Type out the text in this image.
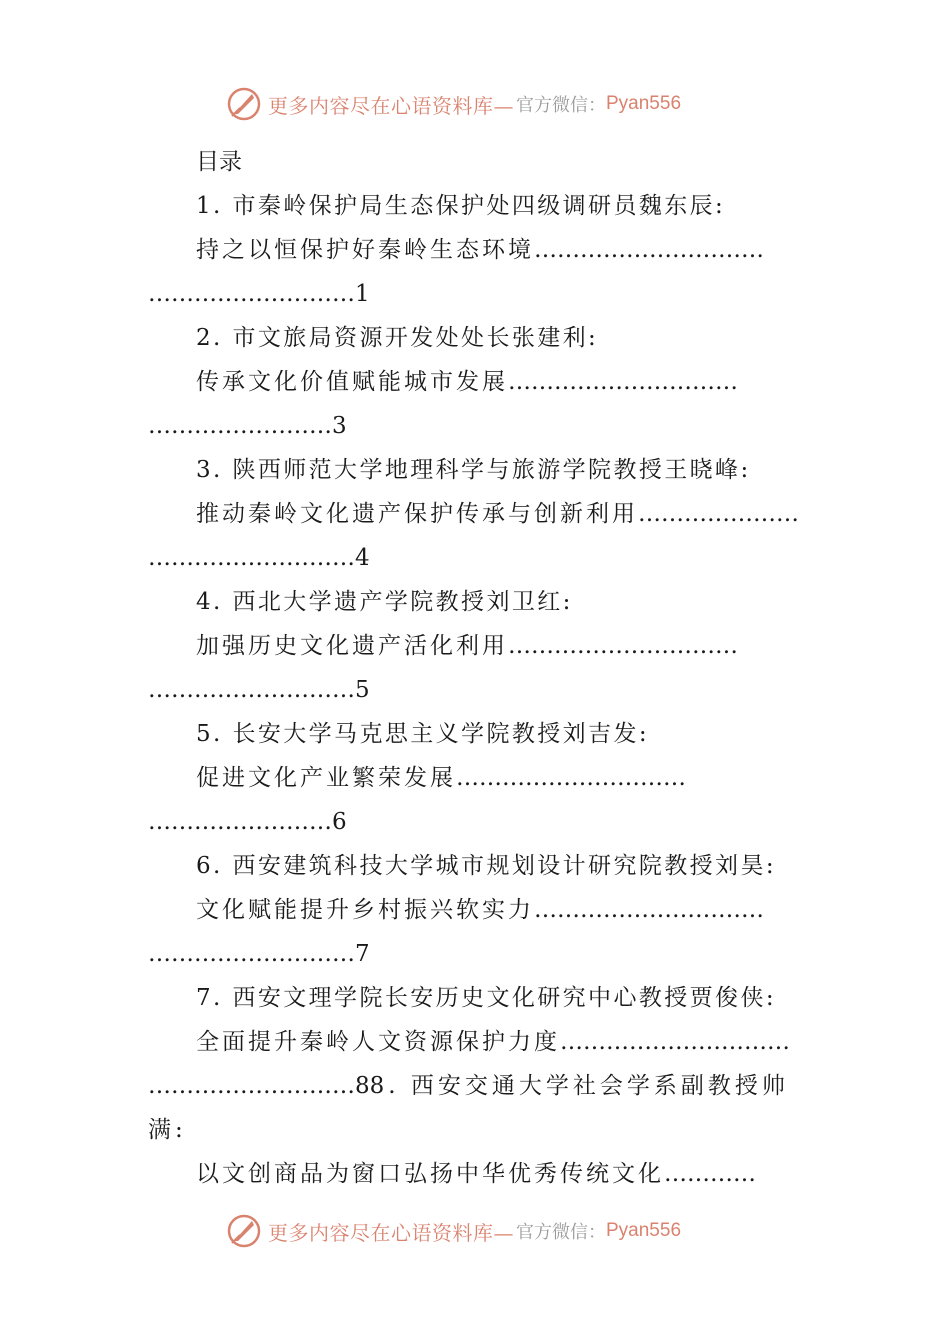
更多内容尽在心语资料库— 官方微信： Pyan556
目录
1. 市秦岭保护局生态保护处四级调研员魏东辰:
持之以恒保护好秦岭生态环境…………………………
………………………1
2. 市文旅局资源开发处处长张建利:
传承文化价值赋能城市发展…………………………
……………………3
3. 陕西师范大学地理科学与旅游学院教授王晓峰:
推动秦岭文化遗产保护传承与创新利用…………………
………………………4
4. 西北大学遗产学院教授刘卫红:
加强历史文化遗产活化利用…………………………
………………………5
5. 长安大学马克思主义学院教授刘吉发:
促进文化产业繁荣发展…………………………
……………………6
6. 西安建筑科技大学城市规划设计研究院教授刘昊:
文化赋能提升乡村振兴软实力…………………………
………………………7
7. 西安文理学院长安历史文化研究中心教授贾俊侠:
全面提升秦岭人文资源保护力度…………………………
………………………88. 西安交通大学社会学系副教授帅满:
以文创商品为窗口弘扬中华优秀传统文化…………
更多内容尽在心语资料库— 官方微信： Pyan556
